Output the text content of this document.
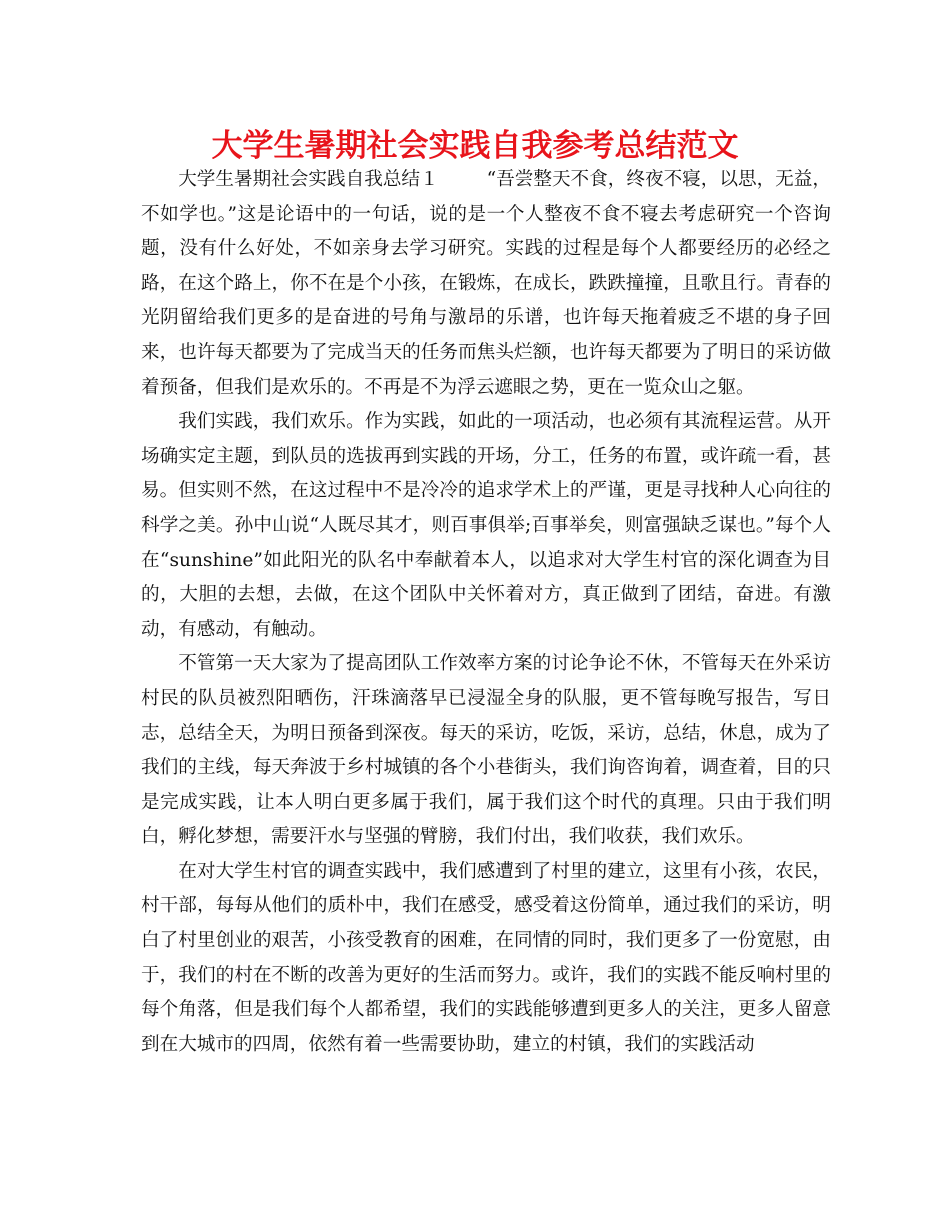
大学生暑期社会实践自我参考总结范文

大学生暑期社会实践自我总结１	“吾尝整天不食，终夜不寝，以思，无益，不如学也。”这是论语中的一句话，说的是一个人整夜不食不寝去考虑研究一个咨询题，没有什么好处，不如亲身去学习研究。实践的过程是每个人都要经历的必经之路，在这个路上，你不在是个小孩，在锻炼，在成长，跌跌撞撞，且歌且行。青春的光阴留给我们更多的是奋进的号角与激昂的乐谱，也许每天拖着疲乏不堪的身子回来，也许每天都要为了完成当天的任务而焦头烂额，也许每天都要为了明日的采访做着预备，但我们是欢乐的。不再是不为浮云遮眼之势，更在一览众山之躯。

我们实践，我们欢乐。作为实践，如此的一项活动，也必须有其流程运营。从开场确实定主题，到队员的选拔再到实践的开场，分工，任务的布置，或许疏一看，甚易。但实则不然，在这过程中不是冷冷的追求学术上的严谨，更是寻找种人心向往的科学之美。孙中山说“人既尽其才，则百事俱举;百事举矣，则富强缺乏谋也。”每个人在“sunshine”如此阳光的队名中奉献着本人，以追求对大学生村官的深化调查为目的，大胆的去想，去做，在这个团队中关怀着对方，真正做到了团结，奋进。有激动，有感动，有触动。

不管第一天大家为了提高团队工作效率方案的讨论争论不休，不管每天在外采访村民的队员被烈阳晒伤，汗珠滴落早已浸湿全身的队服，更不管每晚写报告，写日志，总结全天，为明日预备到深夜。每天的采访，吃饭，采访，总结，休息，成为了我们的主线，每天奔波于乡村城镇的各个小巷街头，我们询咨询着，调查着，目的只是完成实践，让本人明白更多属于我们，属于我们这个时代的真理。只由于我们明白，孵化梦想，需要汗水与坚强的臂膀，我们付出，我们收获，我们欢乐。

在对大学生村官的调查实践中，我们感遭到了村里的建立，这里有小孩，农民，村干部，每每从他们的质朴中，我们在感受，感受着这份简单，通过我们的采访，明白了村里创业的艰苦，小孩受教育的困难，在同情的同时，我们更多了一份宽慰，由于，我们的村在不断的改善为更好的生活而努力。或许，我们的实践不能反响村里的每个角落，但是我们每个人都希望，我们的实践能够遭到更多人的关注，更多人留意到在大城市的四周，依然有着一些需要协助，建立的村镇，我们的实践活动
